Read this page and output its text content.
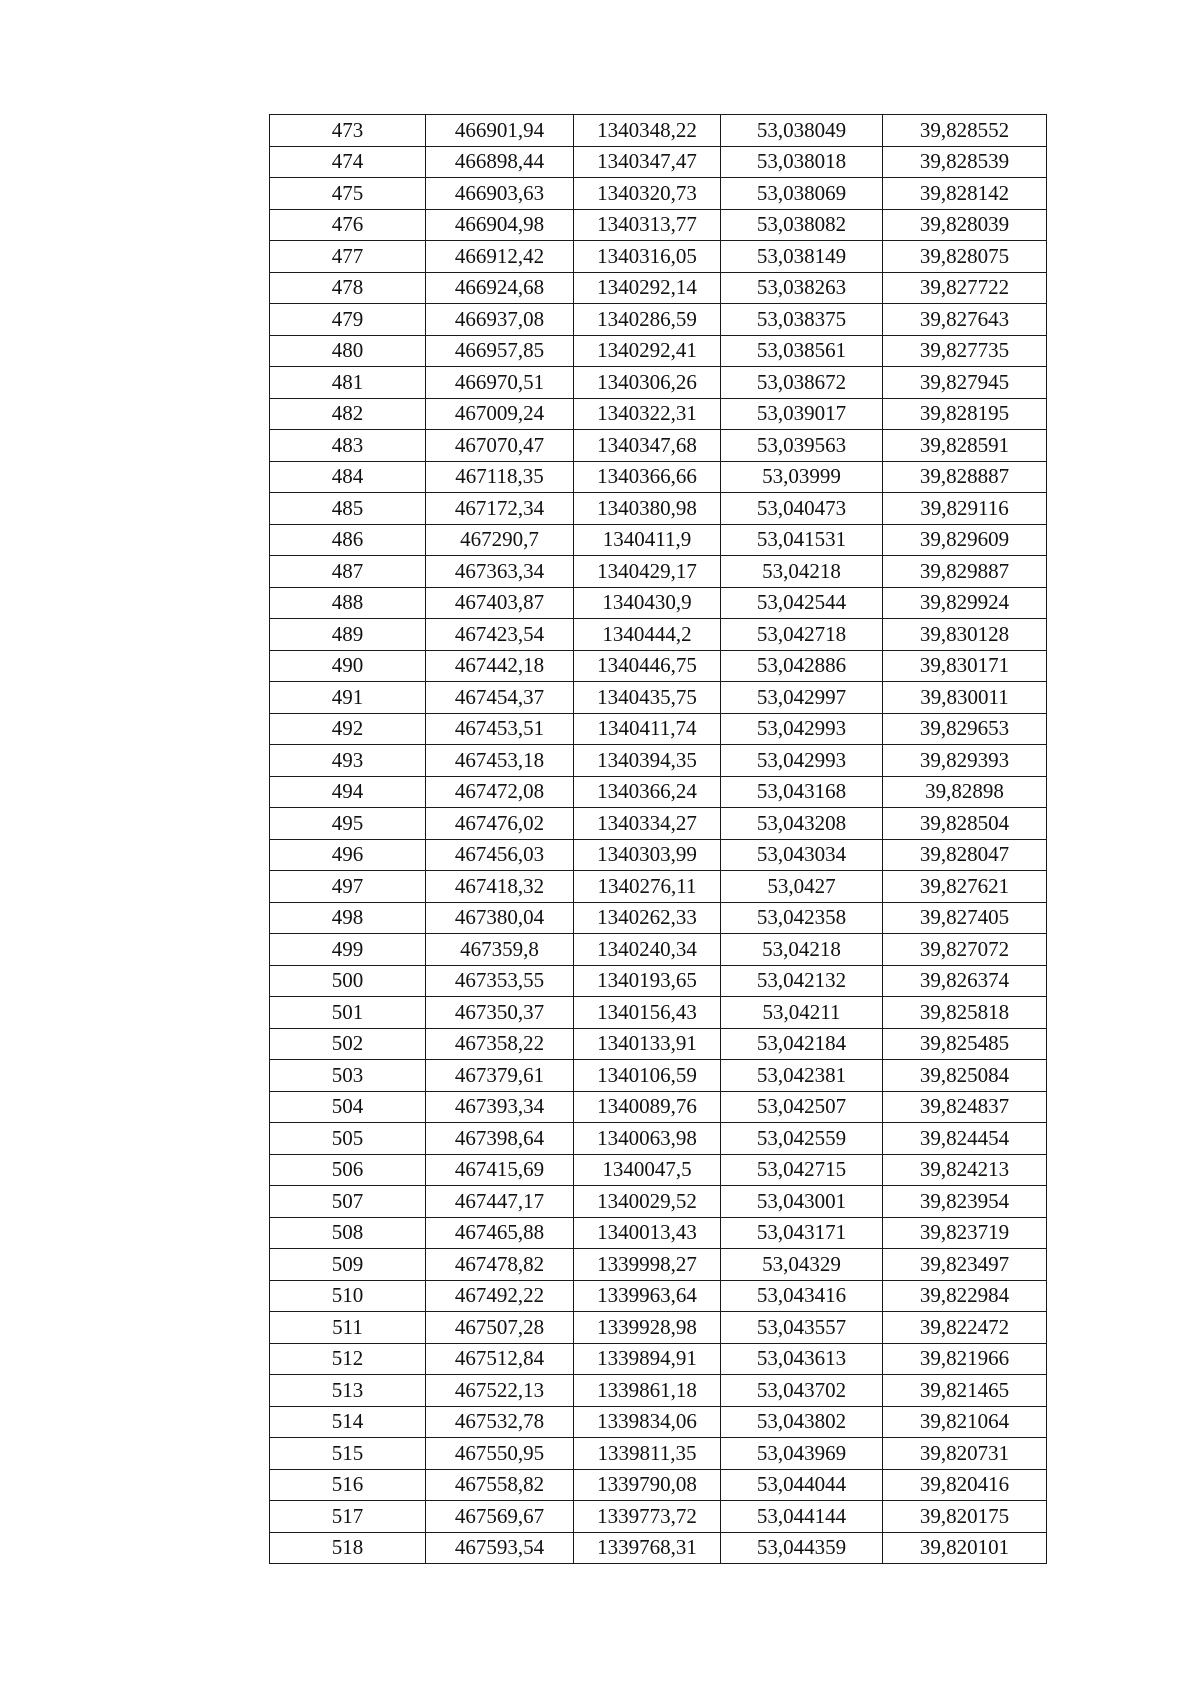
473	466901,94	1340348,22	53,038049	39,828552
474	466898,44	1340347,47	53,038018	39,828539
475	466903,63	1340320,73	53,038069	39,828142
476	466904,98	1340313,77	53,038082	39,828039
477	466912,42	1340316,05	53,038149	39,828075
478	466924,68	1340292,14	53,038263	39,827722
479	466937,08	1340286,59	53,038375	39,827643
480	466957,85	1340292,41	53,038561	39,827735
481	466970,51	1340306,26	53,038672	39,827945
482	467009,24	1340322,31	53,039017	39,828195
483	467070,47	1340347,68	53,039563	39,828591
484	467118,35	1340366,66	53,03999	39,828887
485	467172,34	1340380,98	53,040473	39,829116
486	467290,7	1340411,9	53,041531	39,829609
487	467363,34	1340429,17	53,04218	39,829887
488	467403,87	1340430,9	53,042544	39,829924
489	467423,54	1340444,2	53,042718	39,830128
490	467442,18	1340446,75	53,042886	39,830171
491	467454,37	1340435,75	53,042997	39,830011
492	467453,51	1340411,74	53,042993	39,829653
493	467453,18	1340394,35	53,042993	39,829393
494	467472,08	1340366,24	53,043168	39,82898
495	467476,02	1340334,27	53,043208	39,828504
496	467456,03	1340303,99	53,043034	39,828047
497	467418,32	1340276,11	53,0427	39,827621
498	467380,04	1340262,33	53,042358	39,827405
499	467359,8	1340240,34	53,04218	39,827072
500	467353,55	1340193,65	53,042132	39,826374
501	467350,37	1340156,43	53,04211	39,825818
502	467358,22	1340133,91	53,042184	39,825485
503	467379,61	1340106,59	53,042381	39,825084
504	467393,34	1340089,76	53,042507	39,824837
505	467398,64	1340063,98	53,042559	39,824454
506	467415,69	1340047,5	53,042715	39,824213
507	467447,17	1340029,52	53,043001	39,823954
508	467465,88	1340013,43	53,043171	39,823719
509	467478,82	1339998,27	53,04329	39,823497
510	467492,22	1339963,64	53,043416	39,822984
511	467507,28	1339928,98	53,043557	39,822472
512	467512,84	1339894,91	53,043613	39,821966
513	467522,13	1339861,18	53,043702	39,821465
514	467532,78	1339834,06	53,043802	39,821064
515	467550,95	1339811,35	53,043969	39,820731
516	467558,82	1339790,08	53,044044	39,820416
517	467569,67	1339773,72	53,044144	39,820175
518	467593,54	1339768,31	53,044359	39,820101
